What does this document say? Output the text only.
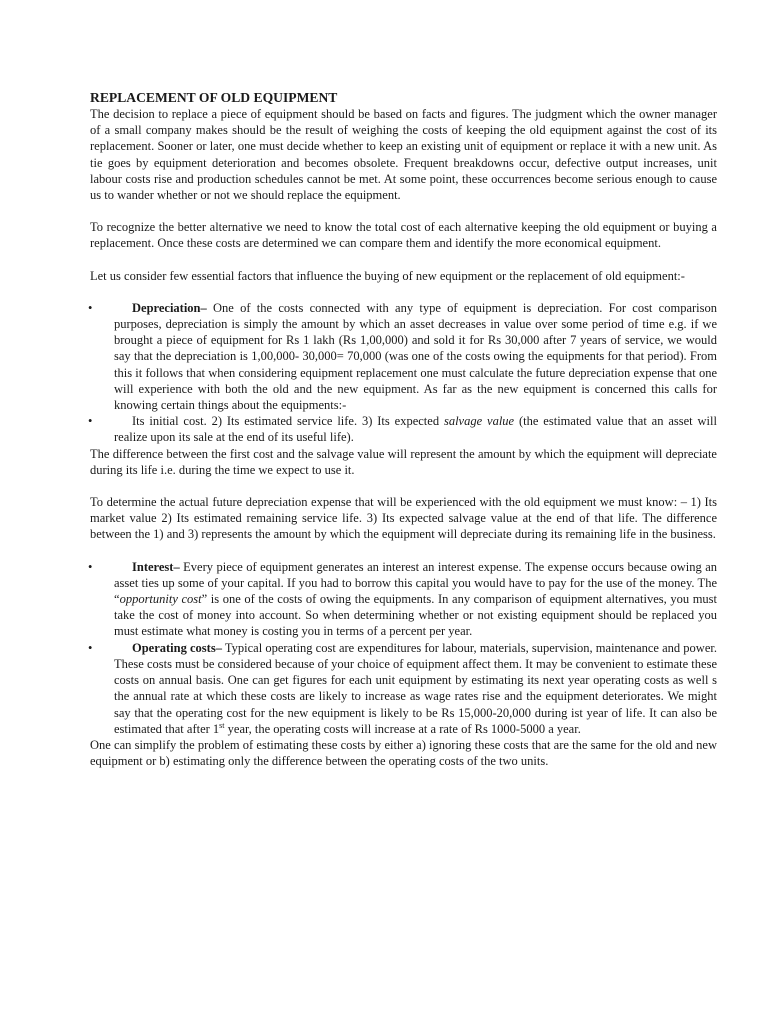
REPLACEMENT OF OLD EQUIPMENT

The decision to replace a piece of equipment should be based on facts and figures. The judgment which the owner manager of a small company makes should be the result of weighing the costs of keeping the old equipment against the cost of its replacement. Sooner or later, one must decide whether to keep an existing unit of equipment or replace it with a new unit. As tie goes by equipment deterioration and becomes obsolete. Frequent breakdowns occur, defective output increases, unit labour costs rise and production schedules cannot be met. At some point, these occurrences become serious enough to cause us to wander whether or not we should replace the equipment.

To recognize the better alternative we need to know the total cost of each alternative keeping the old equipment or buying a replacement. Once these costs are determined we can compare them and identify the more economical equipment.

Let us consider few essential factors that influence the buying of new equipment or the replacement of old equipment:-

•	Depreciation– One of the costs connected with any type of equipment is depreciation. For cost comparison purposes, depreciation is simply the amount by which an asset decreases in value over some period of time e.g. if we brought a piece of equipment for Rs 1 lakh (Rs 1,00,000) and sold it for Rs 30,000 after 7 years of service, we would say that the depreciation is 1,00,000- 30,000= 70,000 (was one of the costs owing the equipments for that period). From this it follows that when considering equipment replacement one must calculate the future depreciation expense that one will experience with both the old and the new equipment. As far as the new equipment is concerned this calls for knowing certain things about the equipments:-

•	Its initial cost. 2) Its estimated service life. 3) Its expected salvage value (the estimated value that an asset will realize upon its sale at the end of its useful life).

The difference between the first cost and the salvage value will represent the amount by which the equipment will depreciate during its life i.e. during the time we expect to use it.

To determine the actual future depreciation expense that will be experienced with the old equipment we must know: – 1) Its market value 2) Its estimated remaining service life. 3) Its expected salvage value at the end of that life. The difference between the 1) and 3) represents the amount by which the equipment will depreciate during its remaining life in the business.

•	Interest– Every piece of equipment generates an interest an interest expense. The expense occurs because owing an asset ties up some of your capital. If you had to borrow this capital you would have to pay for the use of the money. The “opportunity cost” is one of the costs of owing the equipments. In any comparison of equipment alternatives, you must take the cost of money into account. So when determining whether or not existing equipment should be replaced you must estimate what money is costing you in terms of a percent per year.

•	Operating costs– Typical operating cost are expenditures for labour, materials, supervision, maintenance and power. These costs must be considered because of your choice of equipment affect them. It may be convenient to estimate these costs on annual basis. One can get figures for each unit equipment by estimating its next year operating costs as well s the annual rate at which these costs are likely to increase as wage rates rise and the equipment deteriorates. We might say that the operating cost for the new equipment is likely to be Rs 15,000-20,000 during ist year of life. It can also be estimated that after 1st year, the operating costs will increase at a rate of Rs 1000-5000 a year.

One can simplify the problem of estimating these costs by either a) ignoring these costs that are the same for the old and new equipment or b) estimating only the difference between the operating costs of the two units.
